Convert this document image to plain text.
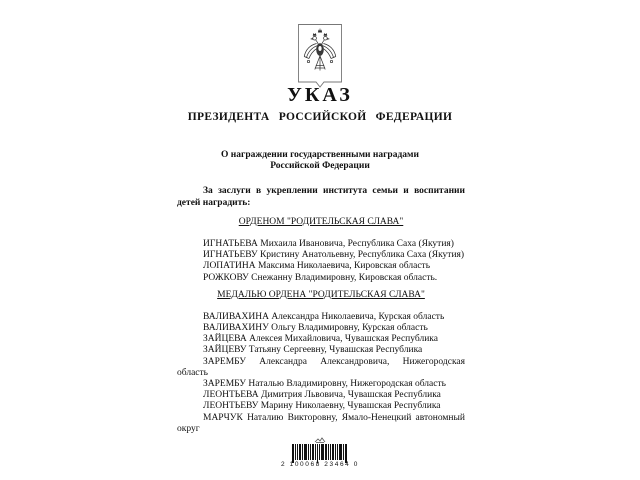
УКАЗ
ПРЕЗИДЕНТА РОССИЙСКОЙ ФЕДЕРАЦИИ
О награждении государственными наградами
Российской Федерации
За заслуги в укреплении института семьи и воспитании детей наградить:
ОРДЕНОМ "РОДИТЕЛЬСКАЯ СЛАВА"
ИГНАТЬЕВА Михаила Ивановича, Республика Саха (Якутия)
ИГНАТЬЕВУ Кристину Анатольевну, Республика Саха (Якутия)
ЛОПАТИНА Максима Николаевича, Кировская область
РОЖКОВУ Снежанну Владимировну, Кировская область.
МЕДАЛЬЮ ОРДЕНА "РОДИТЕЛЬСКАЯ СЛАВА"
ВАЛИВАХИНА Александра Николаевича, Курская область
ВАЛИВАХИНУ Ольгу Владимировну, Курская область
ЗАЙЦЕВА Алексея Михайловича, Чувашская Республика
ЗАЙЦЕВУ Татьяну Сергеевну, Чувашская Республика
ЗАРЕМБУ Александра Александровича, Нижегородская область
ЗАРЕМБУ Наталью Владимировну, Нижегородская область
ЛЕОНТЬЕВА Димитрия Львовича, Чувашская Республика
ЛЕОНТЬЕВУ Марину Николаевну, Чувашская Республика
МАРЧУК Наталию Викторовну, Ямало-Ненецкий автономный округ
2 100068 23464 0
